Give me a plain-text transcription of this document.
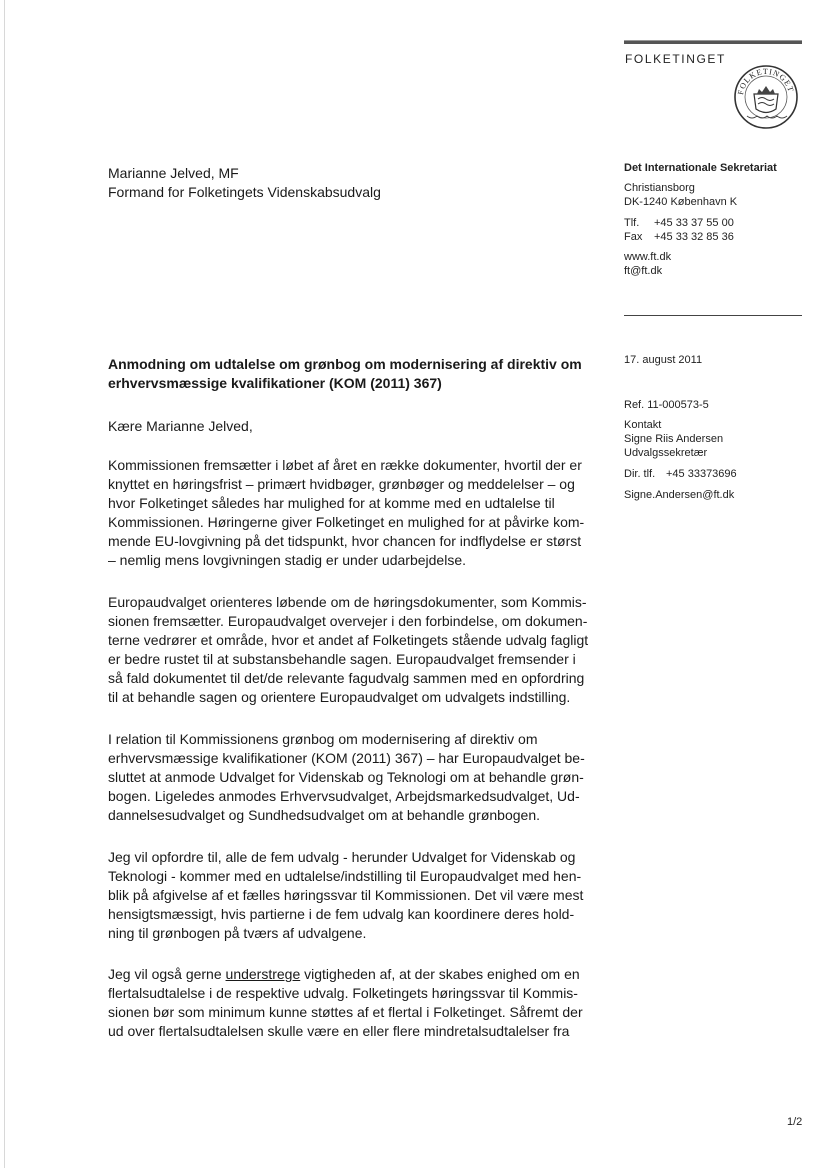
FOLKETINGET
FOLKETINGET
Marianne Jelved, MF
Formand for Folketingets Videnskabsudvalg
Det Internationale Sekretariat
Christiansborg
DK-1240 København K
Tlf. +45 33 37 55 00
Fax +45 33 32 85 36
www.ft.dk
ft@ft.dk
17. august 2011
Ref. 11-000573-5
Kontakt
Signe Riis Andersen
Udvalgssekretær
Dir. tlf. +45 33373696
Signe.Andersen@ft.dk
Anmodning om udtalelse om grønbog om modernisering af direktiv om
erhvervsmæssige kvalifikationer (KOM (2011) 367)
Kære Marianne Jelved,
Kommissionen fremsætter i løbet af året en række dokumenter, hvortil der er
knyttet en høringsfrist – primært hvidbøger, grønbøger og meddelelser – og
hvor Folketinget således har mulighed for at komme med en udtalelse til
Kommissionen. Høringerne giver Folketinget en mulighed for at påvirke kom-
mende EU-lovgivning på det tidspunkt, hvor chancen for indflydelse er størst
– nemlig mens lovgivningen stadig er under udarbejdelse.
Europaudvalget orienteres løbende om de høringsdokumenter, som Kommis-
sionen fremsætter. Europaudvalget overvejer i den forbindelse, om dokumen-
terne vedrører et område, hvor et andet af Folketingets stående udvalg fagligt
er bedre rustet til at substansbehandle sagen. Europaudvalget fremsender i
så fald dokumentet til det/de relevante fagudvalg sammen med en opfordring
til at behandle sagen og orientere Europaudvalget om udvalgets indstilling.
I relation til Kommissionens grønbog om modernisering af direktiv om
erhvervsmæssige kvalifikationer (KOM (2011) 367) – har Europaudvalget be-
sluttet at anmode Udvalget for Videnskab og Teknologi om at behandle grøn-
bogen. Ligeledes anmodes Erhvervsudvalget, Arbejdsmarkedsudvalget, Ud-
dannelsesudvalget og Sundhedsudvalget om at behandle grønbogen.
Jeg vil opfordre til, alle de fem udvalg - herunder Udvalget for Videnskab og
Teknologi - kommer med en udtalelse/indstilling til Europaudvalget med hen-
blik på afgivelse af et fælles høringssvar til Kommissionen. Det vil være mest
hensigtsmæssigt, hvis partierne i de fem udvalg kan koordinere deres hold-
ning til grønbogen på tværs af udvalgene.
Jeg vil også gerne understrege vigtigheden af, at der skabes enighed om en
flertalsudtalelse i de respektive udvalg. Folketingets høringssvar til Kommis-
sionen bør som minimum kunne støttes af et flertal i Folketinget. Såfremt der
ud over flertalsudtalelsen skulle være en eller flere mindretalsudtalelser fra
1/2
